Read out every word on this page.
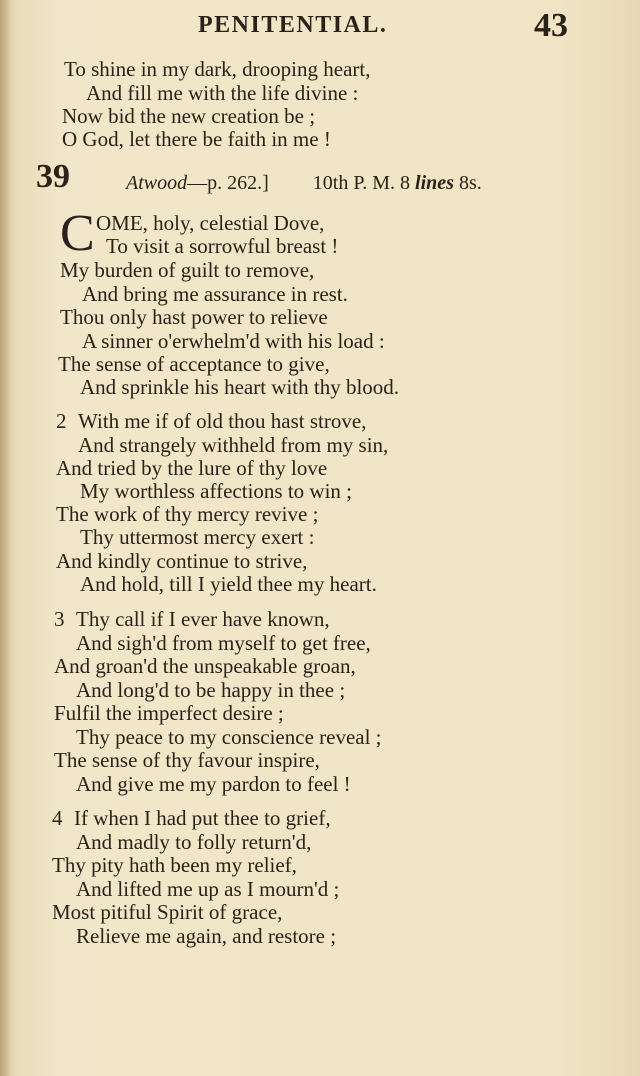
PENITENTIAL.	43
To shine in my dark, drooping heart,
And fill me with the life divine :
Now bid the new creation be ;
O God, let there be faith in me !
39	Atwood—p. 262.] 10th P. M. 8 lines 8s.
C OME, holy, celestial Dove,
To visit a sorrowful breast !
My burden of guilt to remove,
And bring me assurance in rest.
Thou only hast power to relieve
A sinner o'erwhelm'd with his load :
The sense of acceptance to give,
And sprinkle his heart with thy blood.
2 With me if of old thou hast strove,
And strangely withheld from my sin,
And tried by the lure of thy love
My worthless affections to win ;
The work of thy mercy revive ;
Thy uttermost mercy exert :
And kindly continue to strive,
And hold, till I yield thee my heart.
3 Thy call if I ever have known,
And sigh'd from myself to get free,
And groan'd the unspeakable groan,
And long'd to be happy in thee ;
Fulfil the imperfect desire ;
Thy peace to my conscience reveal ;
The sense of thy favour inspire,
And give me my pardon to feel !
4 If when I had put thee to grief,
And madly to folly return'd,
Thy pity hath been my relief,
And lifted me up as I mourn'd ;
Most pitiful Spirit of grace,
Relieve me again, and restore ;
